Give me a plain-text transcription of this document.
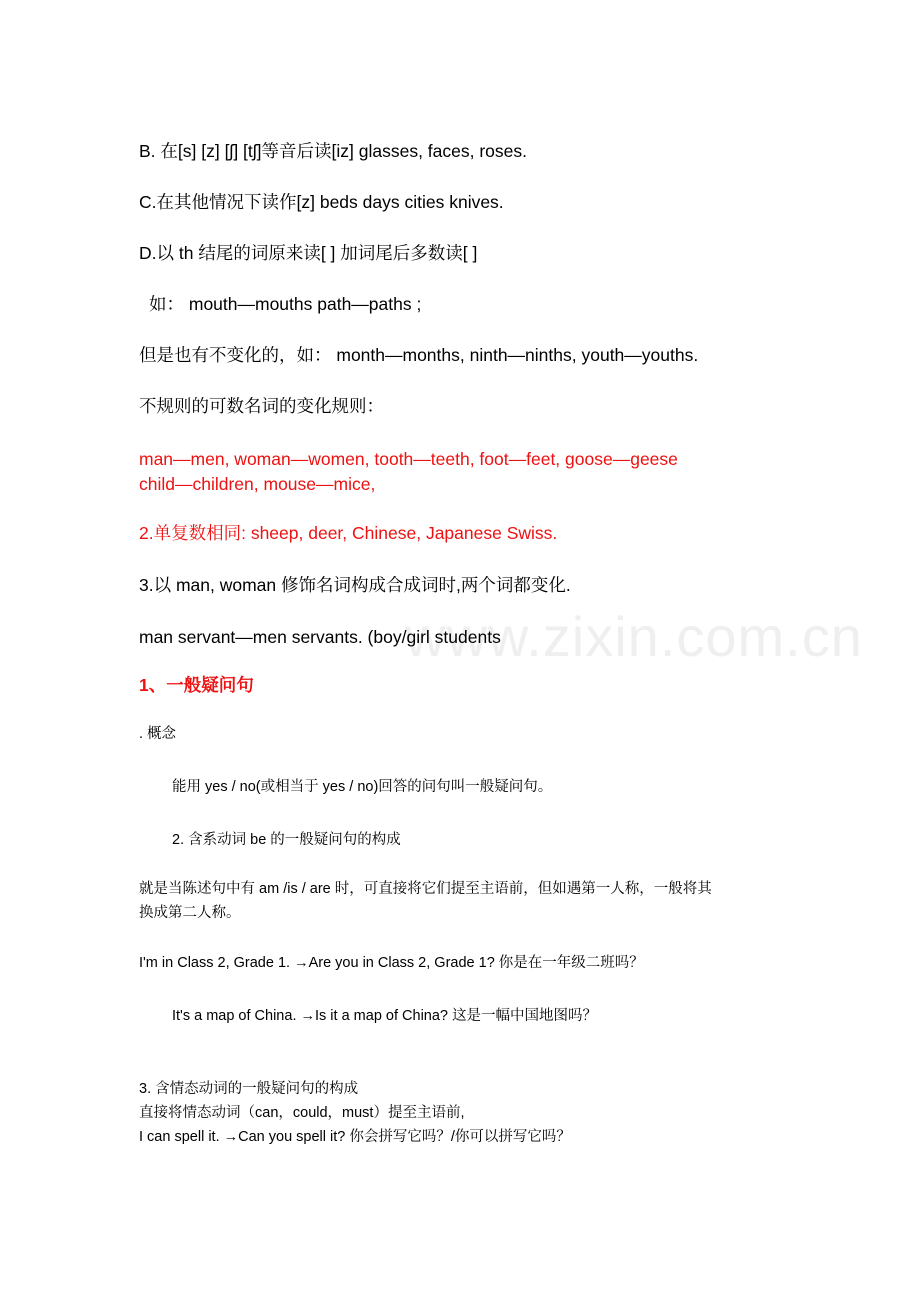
www.zixin.com.cn
B. 在[s] [z] [ʃ] [tʃ]等音后读[iz] glasses, faces, roses.
C.在其他情况下读作[z] beds days cities knives.
D.以 th 结尾的词原来读[ ] 加词尾后多数读[ ]
如： mouth—mouths path—paths ;
但是也有不变化的，如： month—months, ninth—ninths, youth—youths.
不规则的可数名词的变化规则：
man—men, woman—women, tooth—teeth, foot—feet, goose—geese
child—children, mouse—mice,
2.单复数相同: sheep, deer, Chinese, Japanese Swiss.
3.以 man, woman 修饰名词构成合成词时,两个词都变化.
man servant—men servants. (boy/girl students
1、一般疑问句
. 概念
能用 yes / no(或相当于 yes / no)回答的问句叫一般疑问句。
2. 含系动词 be 的一般疑问句的构成
就是当陈述句中有 am /is / are 时，可直接将它们提至主语前，但如遇第一人称，一般将其
换成第二人称。
I'm in Class 2, Grade 1. →Are you in Class 2, Grade 1? 你是在一年级二班吗？
It's a map of China. →Is it a map of China? 这是一幅中国地图吗？
3. 含情态动词的一般疑问句的构成
直接将情态动词（can，could，must）提至主语前,
I can spell it. →Can you spell it? 你会拼写它吗？/你可以拼写它吗？
